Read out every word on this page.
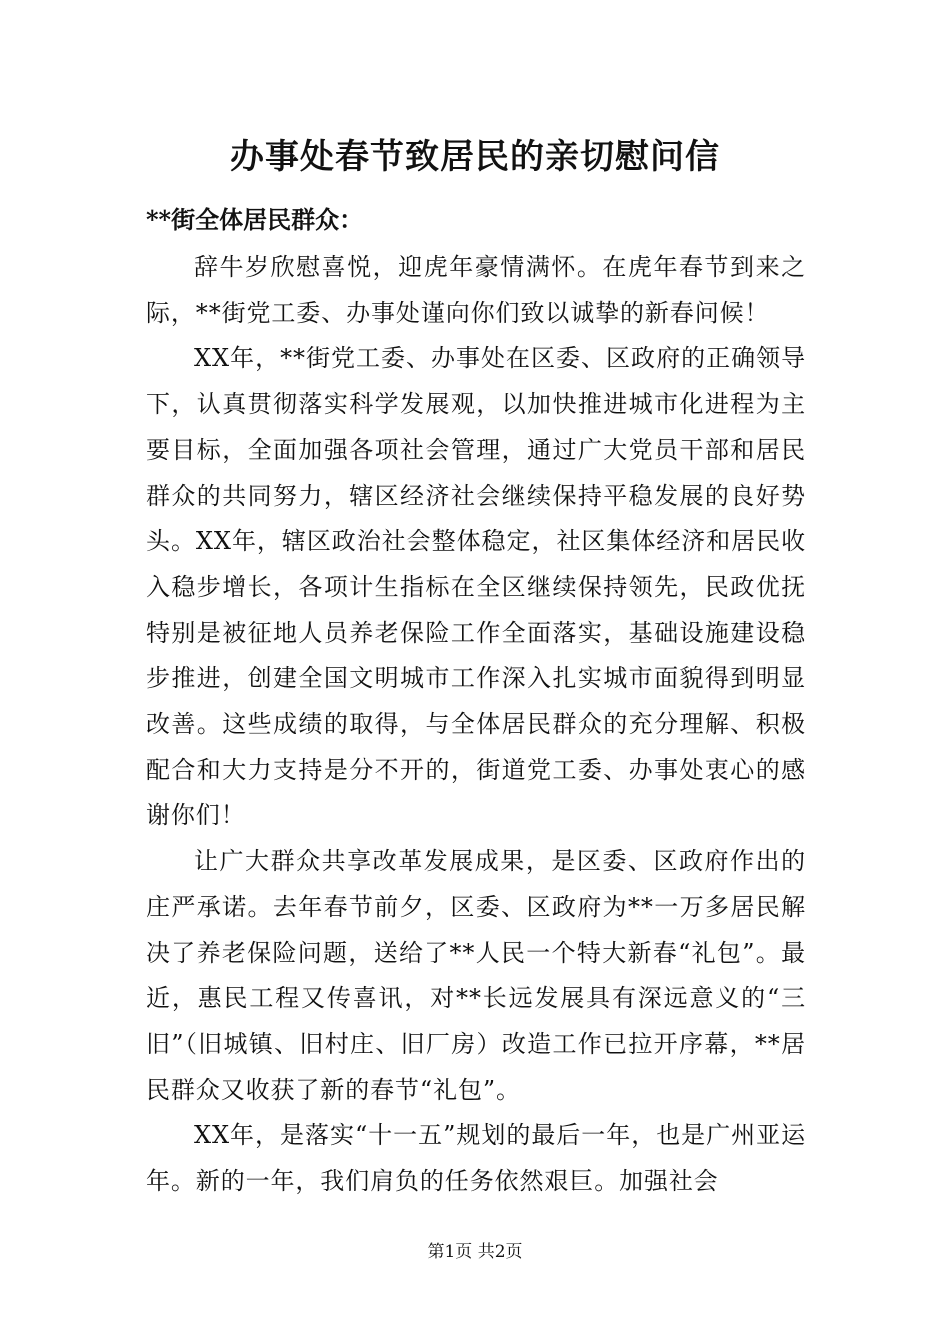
办事处春节致居民的亲切慰问信

**街全体居民群众：

辞牛岁欣慰喜悦，迎虎年豪情满怀。在虎年春节到来之际，**街党工委、办事处谨向你们致以诚挚的新春问候！

XX年，**街党工委、办事处在区委、区政府的正确领导下，认真贯彻落实科学发展观，以加快推进城市化进程为主要目标，全面加强各项社会管理，通过广大党员干部和居民群众的共同努力，辖区经济社会继续保持平稳发展的良好势头。XX年，辖区政治社会整体稳定，社区集体经济和居民收入稳步增长，各项计生指标在全区继续保持领先，民政优抚特别是被征地人员养老保险工作全面落实，基础设施建设稳步推进，创建全国文明城市工作深入扎实城市面貌得到明显改善。这些成绩的取得，与全体居民群众的充分理解、积极配合和大力支持是分不开的，街道党工委、办事处衷心的感谢你们！

让广大群众共享改革发展成果，是区委、区政府作出的庄严承诺。去年春节前夕，区委、区政府为**一万多居民解决了养老保险问题，送给了**人民一个特大新春“礼包”。最近，惠民工程又传喜讯，对**长远发展具有深远意义的“三旧”（旧城镇、旧村庄、旧厂房）改造工作已拉开序幕，**居民群众又收获了新的春节“礼包”。

XX年，是落实“十一五”规划的最后一年，也是广州亚运年。新的一年，我们肩负的任务依然艰巨。加强社会

第1页 共2页
